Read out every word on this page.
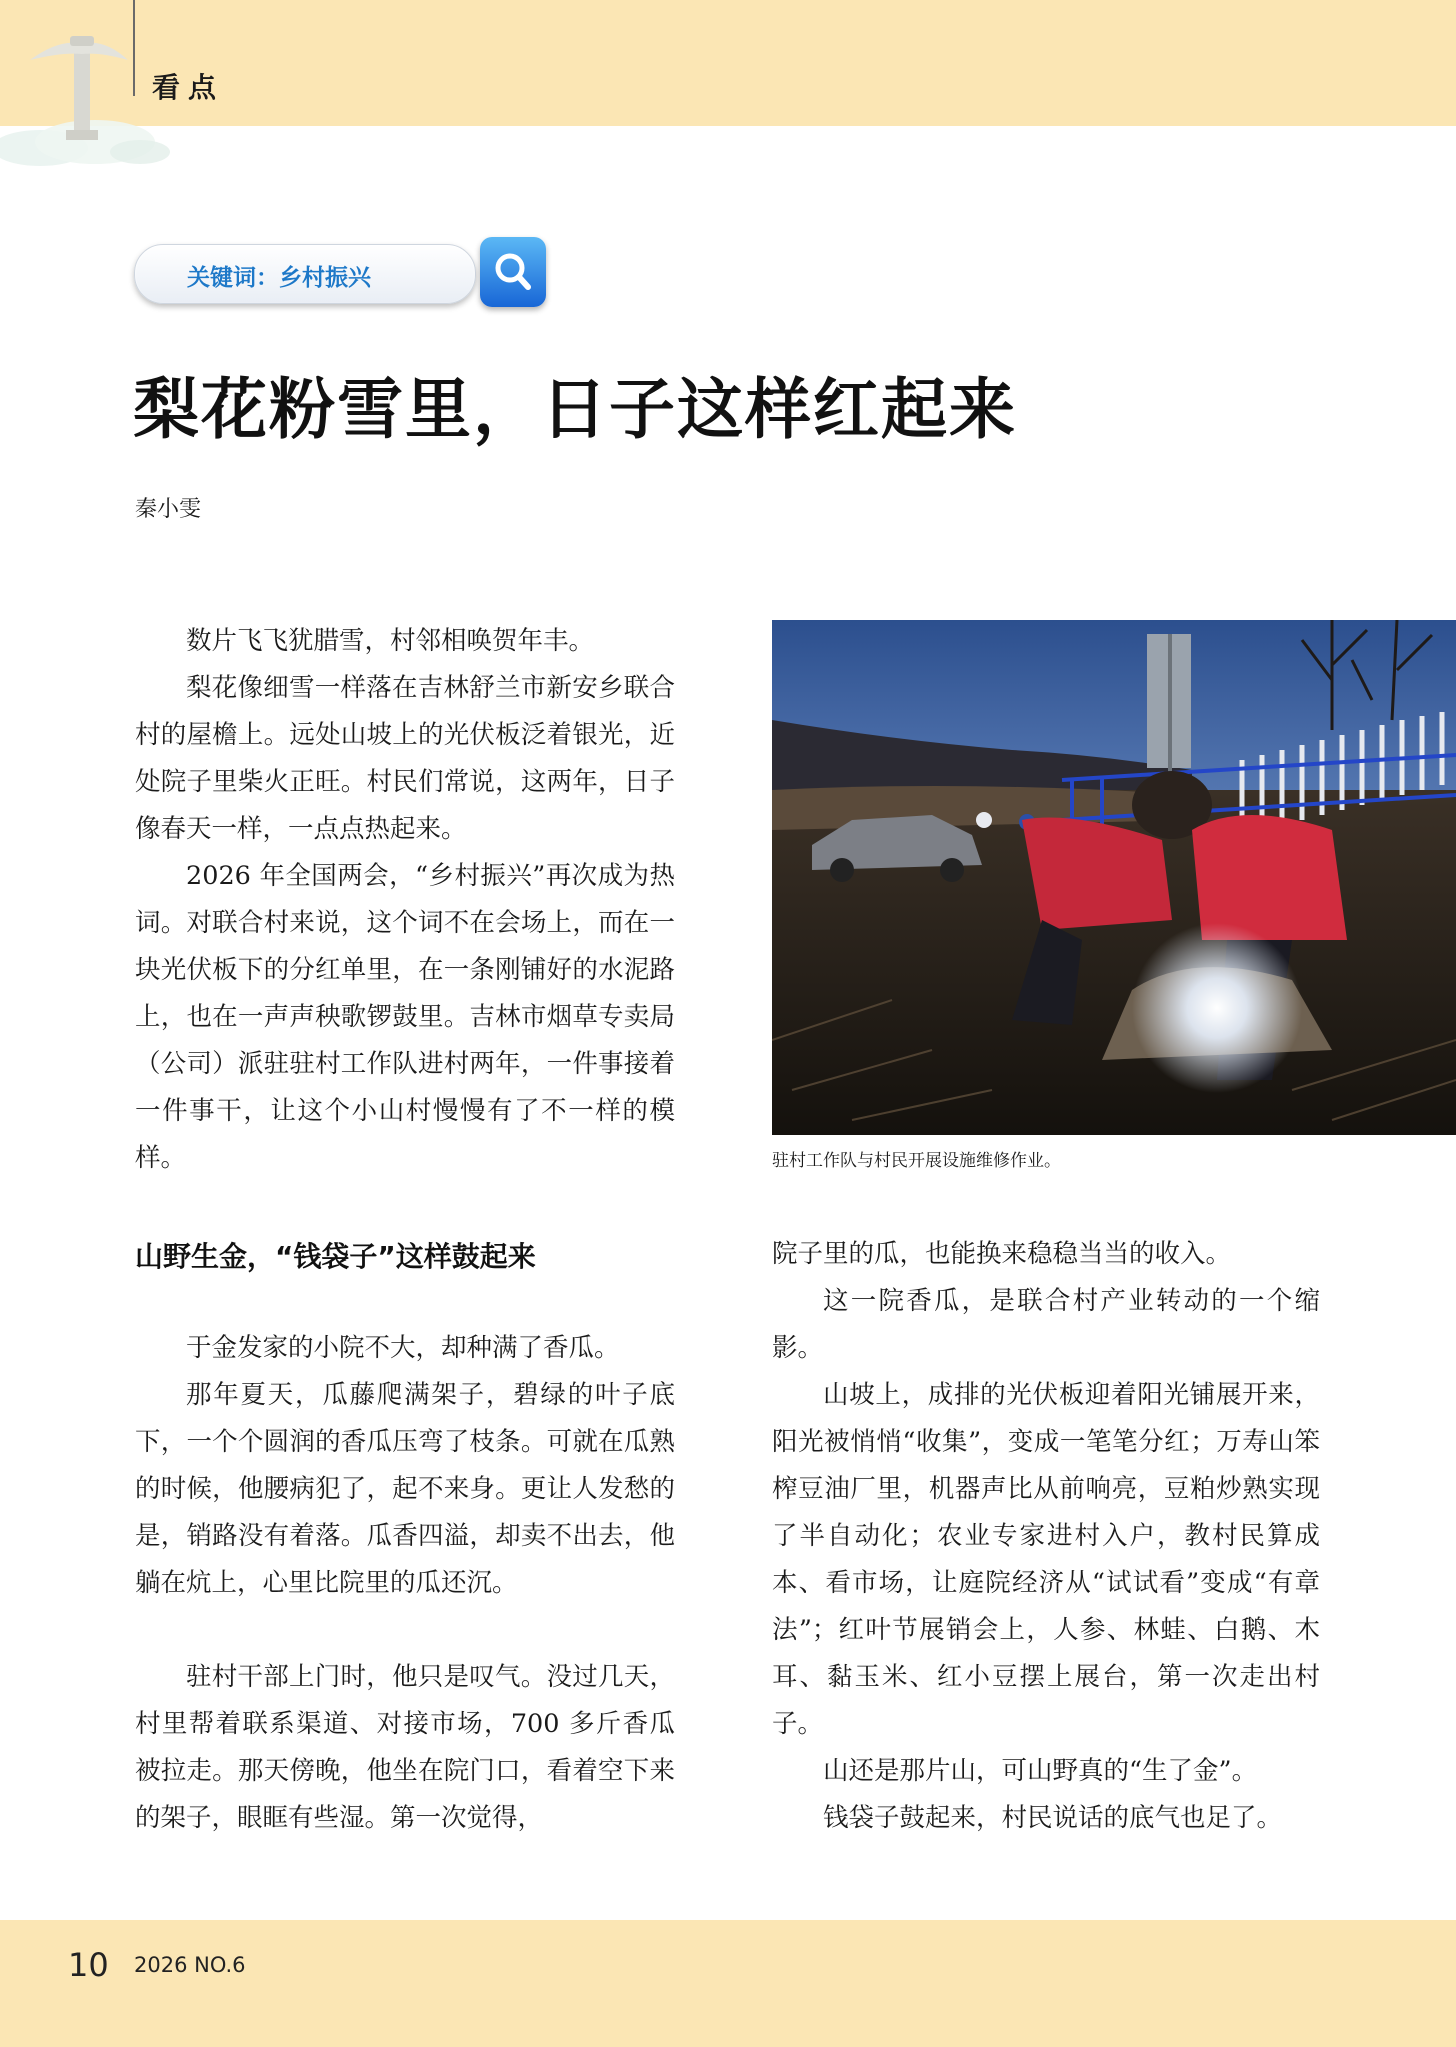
看点
关键词：乡村振兴
梨花粉雪里，日子这样红起来
秦小雯

数片飞飞犹腊雪，村邻相唤贺年丰。

梨花像细雪一样落在吉林舒兰市新安乡联合村的屋檐上。远处山坡上的光伏板泛着银光，近处院子里柴火正旺。村民们常说，这两年，日子像春天一样，一点点热起来。

2026 年全国两会，“乡村振兴”再次成为热词。对联合村来说，这个词不在会场上，而在一块光伏板下的分红单里，在一条刚铺好的水泥路上，也在一声声秧歌锣鼓里。吉林市烟草专卖局（公司）派驻驻村工作队进村两年，一件事接着一件事干，让这个小山村慢慢有了不一样的模样。	驻村工作队与村民开展设施维修作业。
山野生金，“钱袋子”这样鼓起来

于金发家的小院不大，却种满了香瓜。

那年夏天，瓜藤爬满架子，碧绿的叶子底下，一个个圆润的香瓜压弯了枝条。可就在瓜熟的时候，他腰病犯了，起不来身。更让人发愁的是，销路没有着落。瓜香四溢，却卖不出去，他躺在炕上，心里比院里的瓜还沉。

驻村干部上门时，他只是叹气。没过几天，村里帮着联系渠道、对接市场，700 多斤香瓜被拉走。那天傍晚，他坐在院门口，看着空下来的架子，眼眶有些湿。第一次觉得，

院子里的瓜，也能换来稳稳当当的收入。

这一院香瓜，是联合村产业转动的一个缩影。

山坡上，成排的光伏板迎着阳光铺展开来，阳光被悄悄“收集”，变成一笔笔分红；万寿山笨榨豆油厂里，机器声比从前响亮，豆粕炒熟实现了半自动化；农业专家进村入户，教村民算成本、看市场，让庭院经济从“试试看”变成“有章法”；红叶节展销会上，人参、林蛙、白鹅、木耳、黏玉米、红小豆摆上展台，第一次走出村子。

山还是那片山，可山野真的“生了金”。

钱袋子鼓起来，村民说话的底气也足了。

10 2026 NO.6
